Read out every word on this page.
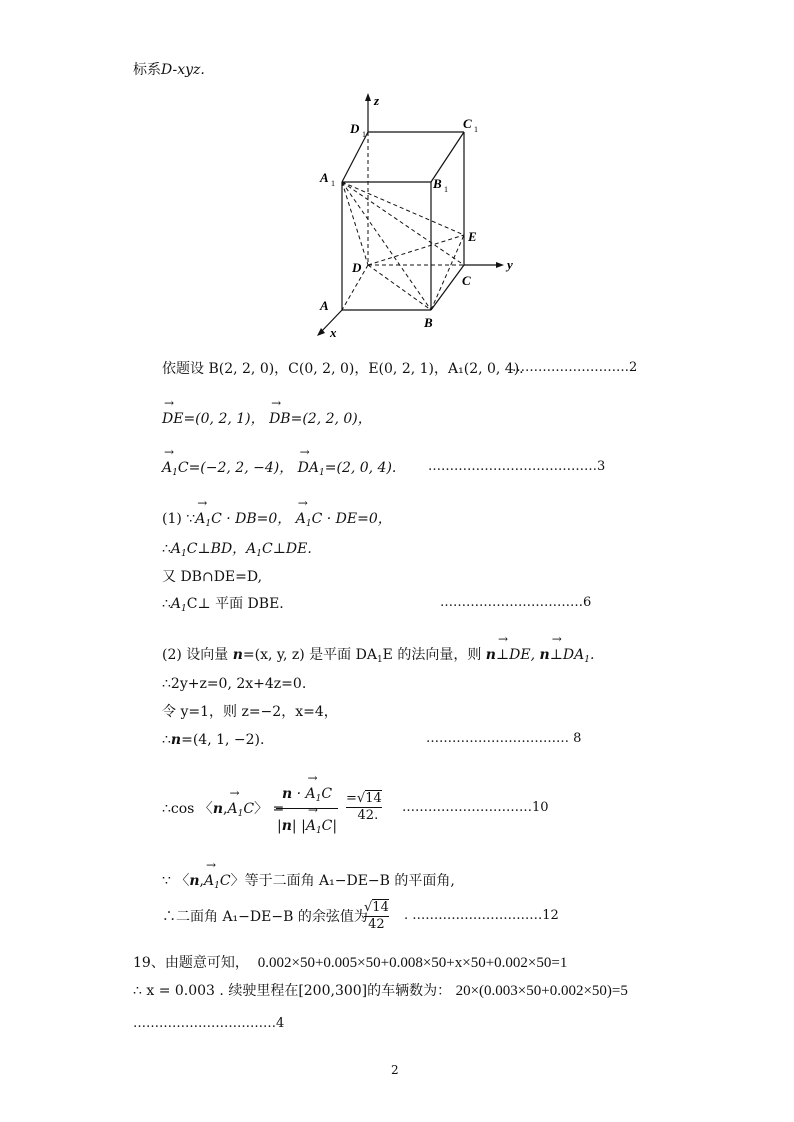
标系D-xyz.
z
y
x
D	C
A	B
E
D
C
A
B
1
1
1
1
依题设 B(2, 2, 0)，C(0, 2, 0)，E(0, 2, 1)，A₁(2, 0, 4).
………………………2
→ DE=(0, 2, 1)， → DB=(2, 2, 0)，
→ $A_1C=(-2$, 2, −4)， → $DA_1=(2$, 0, 4). …………………………………3
(1) ∵→ $A_1C \cdot DB=0$， → $A_1C \cdot DE=0$，
$\therefore A_1C\perp BD$，$A_1C\perp DE$.
又 DB∩DE=D,
$\therefore A_1C\perp$ 平面 DBE.	……………………………6
(2) 设向量 n=(x, y, z) 是平面 $DA_1E$ 的法向量，则 n→ ⊥DE, $n\to \perp DA_1$.
∴2y+z=0, 2x+4z=0.
令 y=1，则 z=−2，x=4，
∴n=(4, 1, −2).	…………………………… 8
∴cos 〈$n,\to A_1C$〉 =
n · → $A_1C$
|n| |→ $A_1C|$
=√14
42.
…………………………10
∵ 〈$n,\to A_1C$〉等于二面角 A₁−DE−B 的平面角,
∴二面角 A₁−DE−B 的余弦值为
√14
42
. …………………………12
19、由题意可知， 0.002×50+0.005×50+0.008×50+x×50+0.002×50=1
∴ x = 0.003 . 续驶里程在[200,300]的车辆数为： 20×(0.003×50+0.002×50)=5
……………………………4
2
